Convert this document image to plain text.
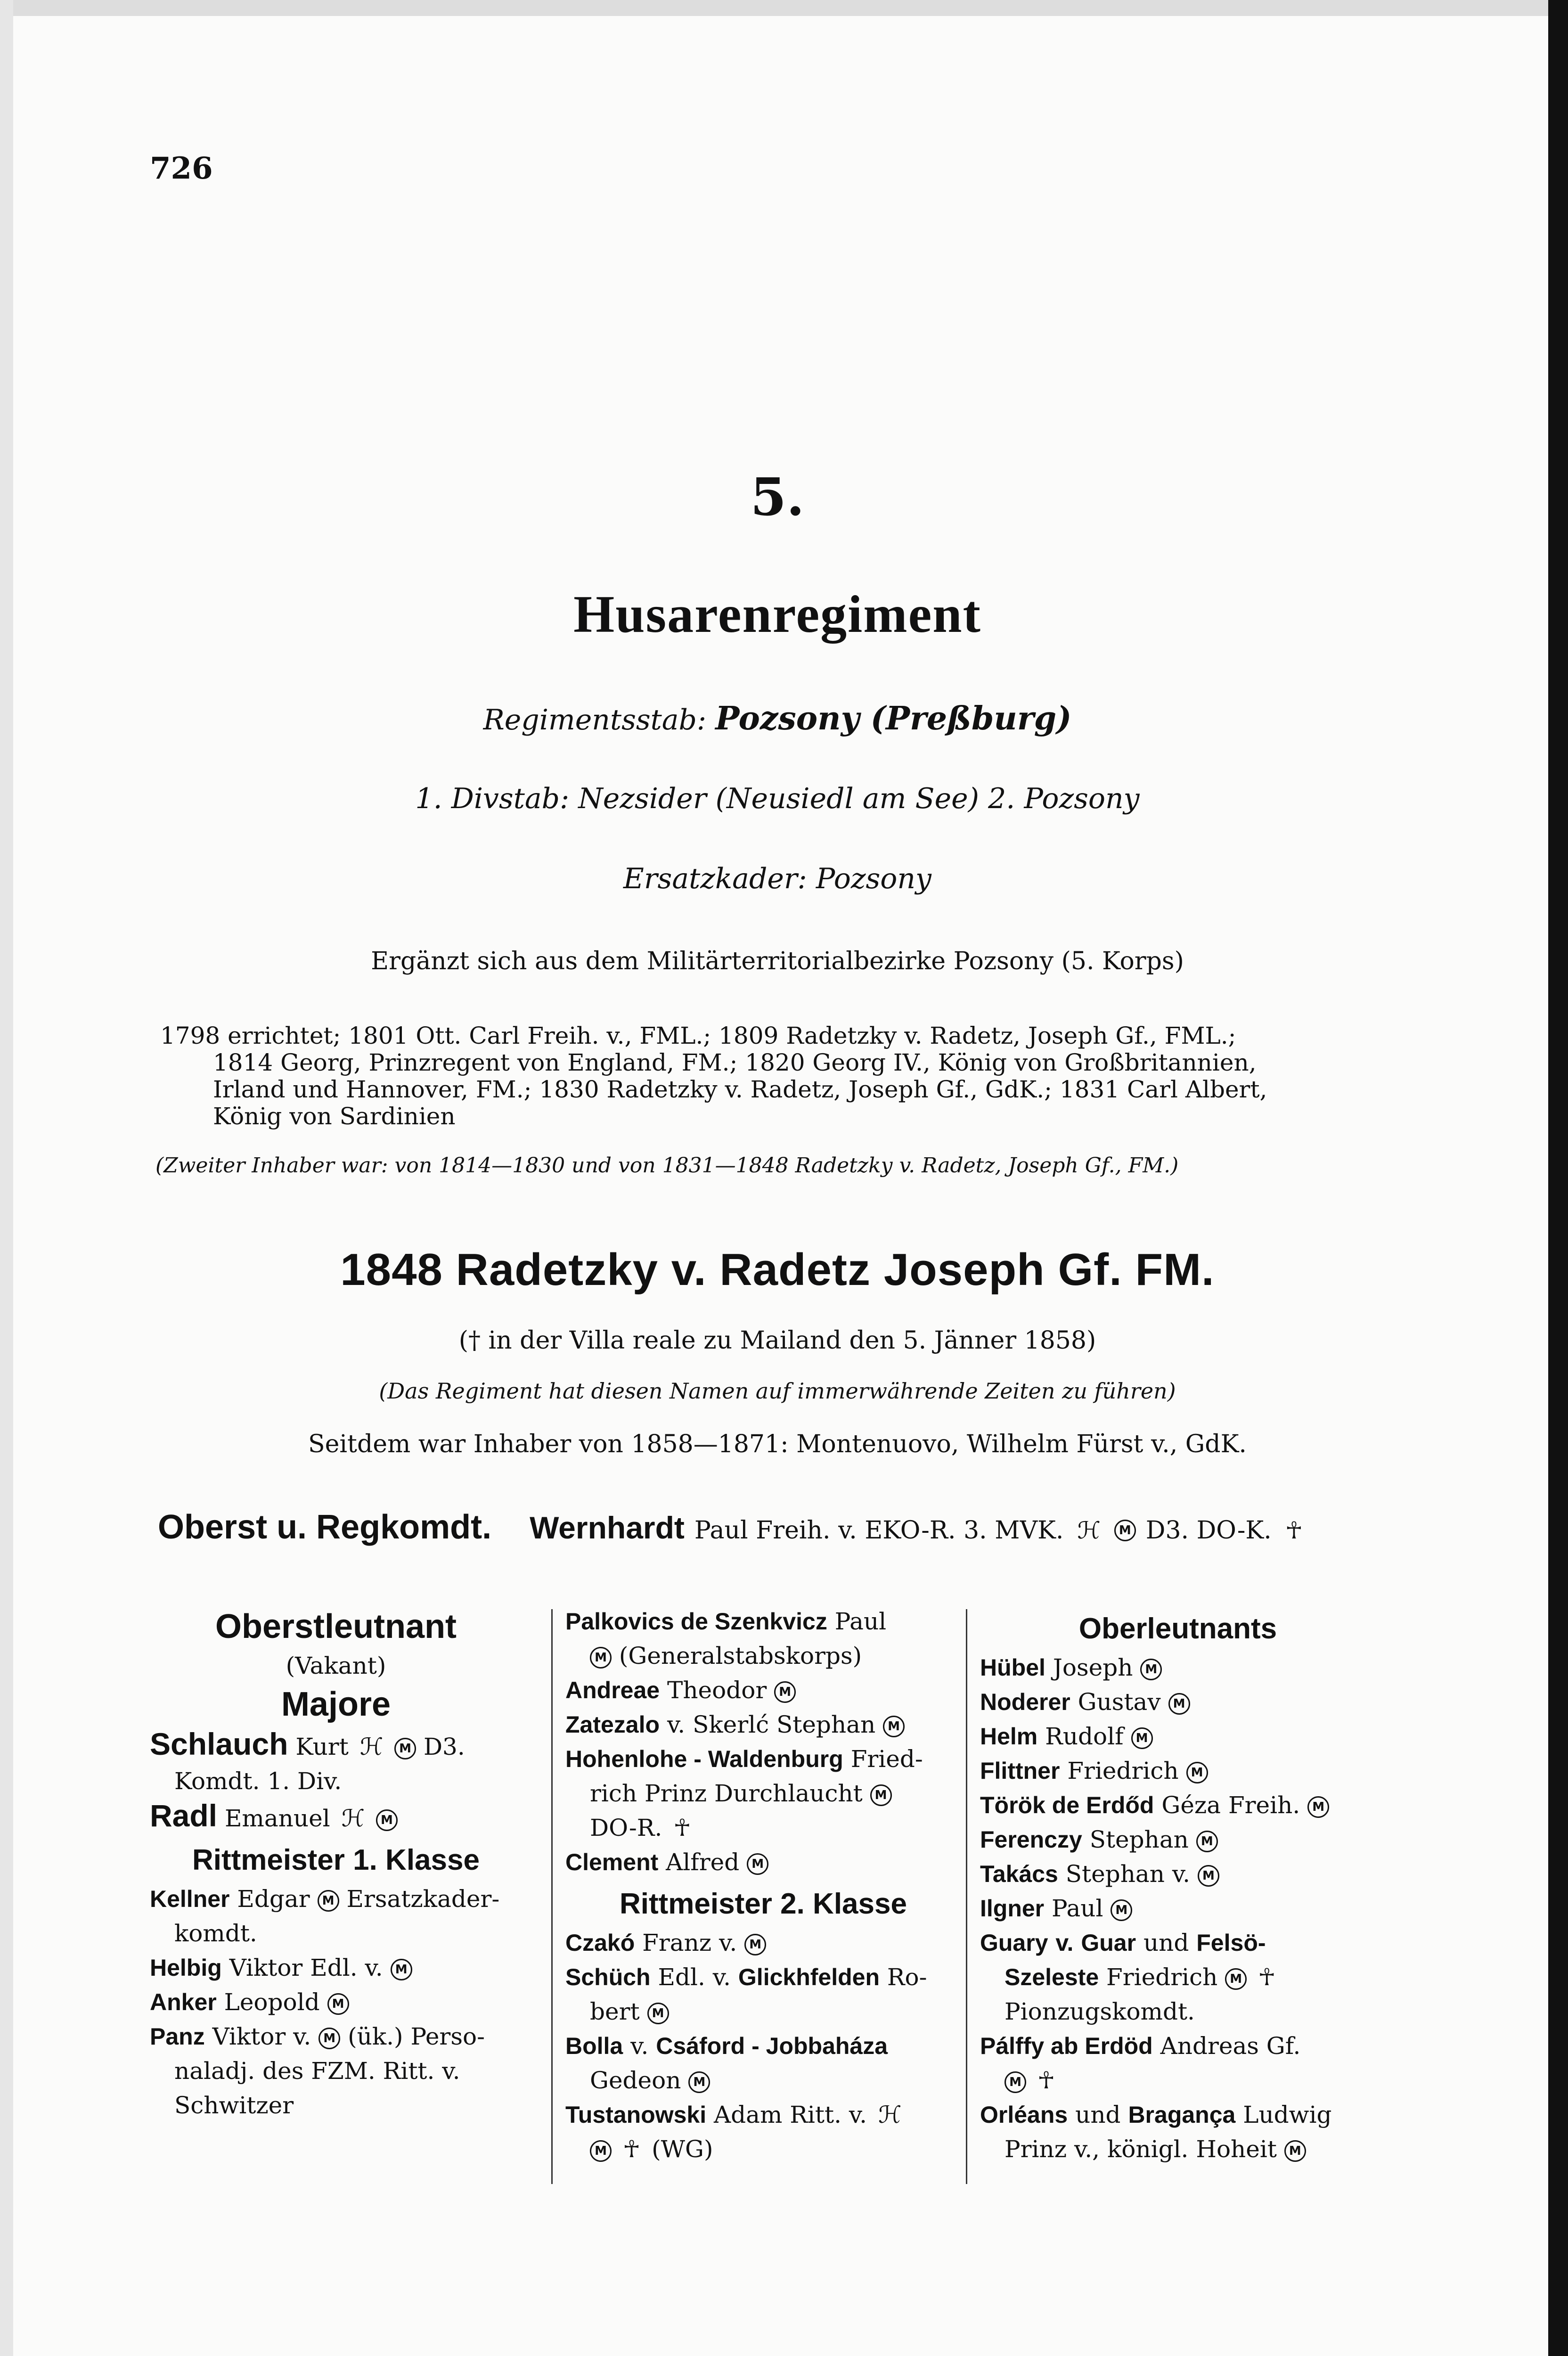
726
5.
Husarenregiment
Regimentsstab: Pozsony (Preßburg)
1. Divstab: Nezsider (Neusiedl am See) 2. Pozsony
Ersatzkader: Pozsony
Ergänzt sich aus dem Militärterritorialbezirke Pozsony (5. Korps)
1798 errichtet; 1801 Ott. Carl Freih. v., FML.; 1809 Radetzky v. Radetz, Joseph Gf., FML.;
1814 Georg, Prinzregent von England, FM.; 1820 Georg IV., König von Großbritannien,
Irland und Hannover, FM.; 1830 Radetzky v. Radetz, Joseph Gf., GdK.; 1831 Carl Albert,
König von Sardinien
(Zweiter Inhaber war: von 1814—1830 und von 1831—1848 Radetzky v. Radetz, Joseph Gf., FM.)
1848 Radetzky v. Radetz Joseph Gf. FM.
(† in der Villa reale zu Mailand den 5. Jänner 1858)
(Das Regiment hat diesen Namen auf immerwährende Zeiten zu führen)
Seitdem war Inhaber von 1858—1871: Montenuovo, Wilhelm Fürst v., GdK.
Oberst u. Regkomdt. Wernhardt Paul Freih. v. EKO-R. 3. MVK. ℋ M D3. DO-K. ☥
Oberstleutnant
(Vakant)
Majore
Schlauch Kurt ℋ M D3.
Komdt. 1. Div.
Radl Emanuel ℋ M
Rittmeister 1. Klasse
Kellner Edgar M Ersatzkader-
komdt.
Helbig Viktor Edl. v. M
Anker Leopold M
Panz Viktor v. M (ük.) Perso-
naladj. des FZM. Ritt. v.
Schwitzer
Palkovics de Szenkvicz Paul
M (Generalstabskorps)
Andreae Theodor M
Zatezalo v. Skerlć Stephan M
Hohenlohe - Waldenburg Fried-
rich Prinz Durchlaucht M
DO-R. ☥
Clement Alfred M
Rittmeister 2. Klasse
Czakó Franz v. M
Schüch Edl. v. Glickhfelden Ro-
bert M
Bolla v. Csáford - Jobbaháza
Gedeon M
Tustanowski Adam Ritt. v. ℋ
M ☥ (WG)
Oberleutnants
Hübel Joseph M
Noderer Gustav M
Helm Rudolf M
Flittner Friedrich M
Török de Erdőd Géza Freih. M
Ferenczy Stephan M
Takács Stephan v. M
Ilgner Paul M
Guary v. Guar und Felsö-
Szeleste Friedrich M ☥
Pionzugskomdt.
Pálffy ab Erdöd Andreas Gf.
M ☥
Orléans und Bragança Ludwig
Prinz v., königl. Hoheit M
